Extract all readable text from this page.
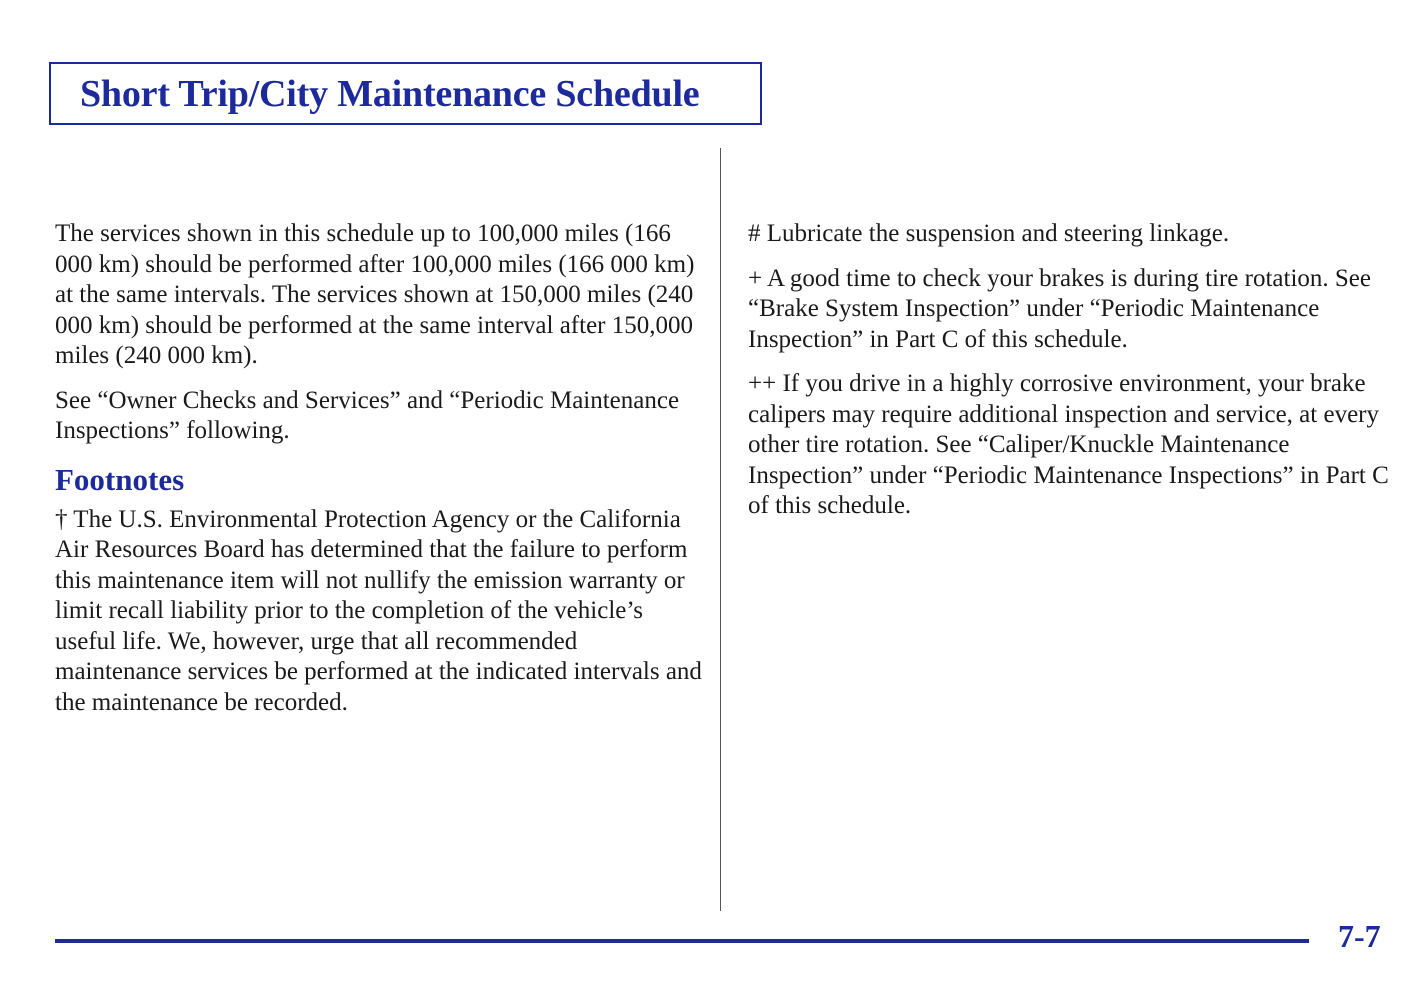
Short Trip/City Maintenance Schedule

The services shown in this schedule up to 100,000 miles (166 000 km) should be performed after 100,000 miles (166 000 km) at the same intervals. The services shown at 150,000 miles (240 000 km) should be performed at the same interval after 150,000 miles (240 000 km).

See “Owner Checks and Services” and “Periodic Maintenance Inspections” following.

Footnotes

† The U.S. Environmental Protection Agency or the California Air Resources Board has determined that the failure to perform this maintenance item will not nullify the emission warranty or limit recall liability prior to the completion of the vehicle’s useful life. We, however, urge that all recommended maintenance services be performed at the indicated intervals and the maintenance be recorded.

# Lubricate the suspension and steering linkage.

+ A good time to check your brakes is during tire rotation. See “Brake System Inspection” under “Periodic Maintenance Inspection” in Part C of this schedule.

++ If you drive in a highly corrosive environment, your brake calipers may require additional inspection and service, at every other tire rotation. See “Caliper/Knuckle Maintenance Inspection” under “Periodic Maintenance Inspections” in Part C of this schedule.

7-7
